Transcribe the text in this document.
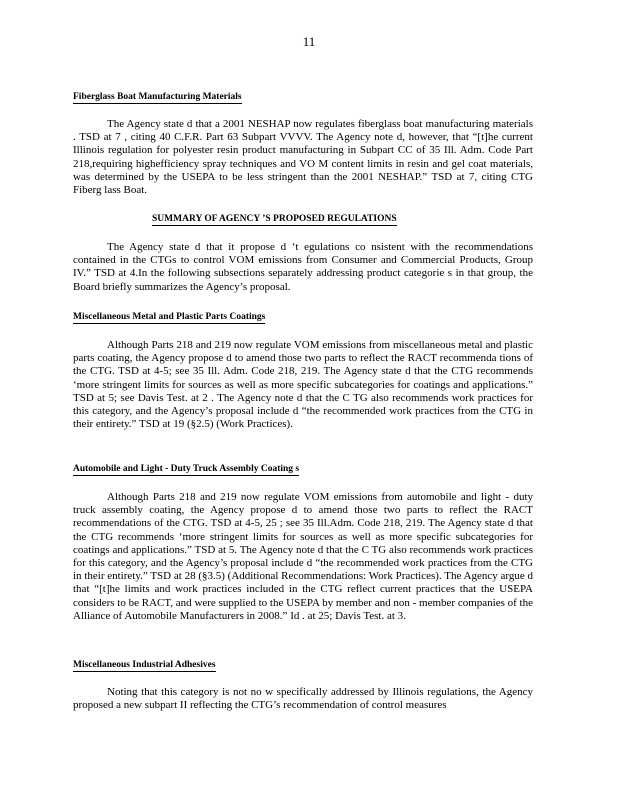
11
Fiberglass Boat Manufacturing Materials

The Agency state d that a 2001 NESHAP now regulates fiberglass boat manufacturing materials . TSD at 7 , citing 40 C.F.R. Part 63 Subpart VVVV. The Agency note d, however, that “[t]he current Illinois regulation for polyester resin product manufacturing in Subpart CC of 35 Ill. Adm. Code Part 218,requiring highefficiency spray techniques and VO M content limits in resin and gel coat materials, was determined by the USEPA to be less stringent than the 2001 NESHAP.” TSD at 7, citing CTG Fiberg lass Boat.

SUMMARY OF AGENCY ’S PROPOSED REGULATIONS

The Agency state d that it propose d ‘t egulations co nsistent with the recommendations contained in the CTGs to control VOM emissions from Consumer and Commercial Products, Group IV.” TSD at 4.In the following subsections separately addressing product categorie s in that group, the Board briefly summarizes the Agency’s proposal.

Miscellaneous Metal and Plastic Parts Coatings

Although Parts 218 and 219 now regulate VOM emissions from miscellaneous metal and plastic parts coating, the Agency propose d to amend those two parts to reflect the RACT recommenda tions of the CTG. TSD at 4-5; see 35 Ill. Adm. Code 218, 219. The Agency state d that the CTG recommends ‘more stringent limits for sources as well as more specific subcategories for coatings and applications.” TSD at 5; see Davis Test. at 2 . The Agency note d that the C TG also recommends work practices for this category, and the Agency’s proposal include d “the recommended work practices from the CTG in their entirety.” TSD at 19 (§2.5) (Work Practices).

Automobile and Light - Duty Truck Assembly Coating s

Although Parts 218 and 219 now regulate VOM emissions from automobile and light - duty truck assembly coating, the Agency propose d to amend those two parts to reflect the RACT recommendations of the CTG. TSD at 4-5, 25 ; see 35 Ill.Adm. Code 218, 219. The Agency state d that the CTG recommends ‘more stringent limits for sources as well as more specific subcategories for coatings and applications.” TSD at 5. The Agency note d that the C TG also recommends work practices for this category, and the Agency’s proposal include d “the recommended work practices from the CTG in their entirety.” TSD at 28 (§3.5) (Additional Recommendations: Work Practices). The Agency argue d that “[t]he limits and work practices included in the CTG reflect current practices that the USEPA considers to be RACT, and were supplied to the USEPA by member and non - member companies of the Alliance of Automobile Manufacturers in 2008.” Id . at 25; Davis Test. at 3.

Miscellaneous Industrial Adhesives

Noting that this category is not no w specifically addressed by Illinois regulations, the Agency proposed a new subpart II reflecting the CTG’s recommendation of control measures
